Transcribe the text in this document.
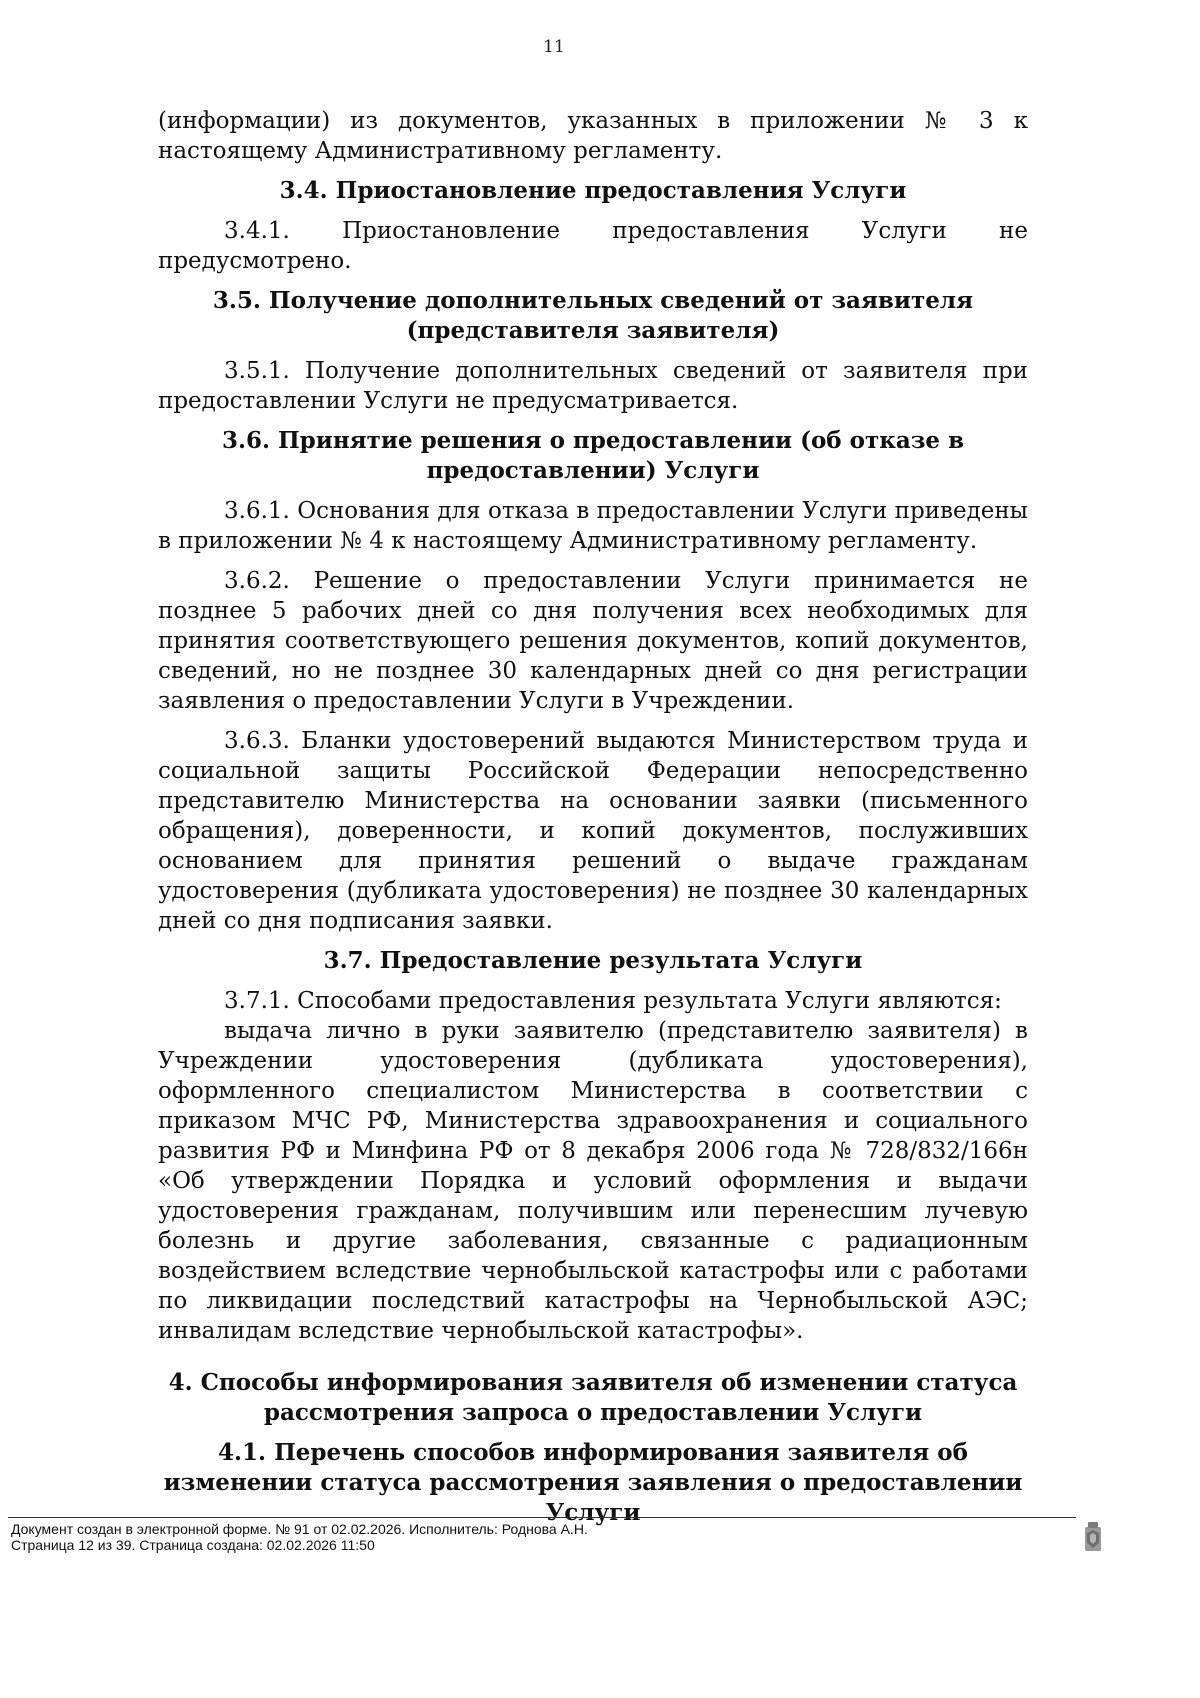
11

(информации) из документов, указанных в приложении № 3 к настоящему Административному регламенту.

3.4. Приостановление предоставления Услуги

3.4.1. Приостановление предоставления Услуги не предусмотрено.

3.5. Получение дополнительных сведений от заявителя (представителя заявителя)

3.5.1. Получение дополнительных сведений от заявителя при предоставлении Услуги не предусматривается.

3.6. Принятие решения о предоставлении (об отказе в предоставлении) Услуги

3.6.1. Основания для отказа в предоставлении Услуги приведены в приложении № 4 к настоящему Административному регламенту.

3.6.2. Решение о предоставлении Услуги принимается не позднее 5 рабочих дней со дня получения всех необходимых для принятия соответствующего решения документов, копий документов, сведений, но не позднее 30 календарных дней со дня регистрации заявления о предоставлении Услуги в Учреждении.

3.6.3. Бланки удостоверений выдаются Министерством труда и социальной защиты Российской Федерации непосредственно представителю Министерства на основании заявки (письменного обращения), доверенности, и копий документов, послуживших основанием для принятия решений о выдаче гражданам удостоверения (дубликата удостоверения) не позднее 30 календарных дней со дня подписания заявки.

3.7. Предоставление результата Услуги

3.7.1. Способами предоставления результата Услуги являются:

выдача лично в руки заявителю (представителю заявителя) в Учреждении удостоверения (дубликата удостоверения), оформленного специалистом Министерства в соответствии с приказом МЧС РФ, Министерства здравоохранения и социального развития РФ и Минфина РФ от 8 декабря 2006 года № 728/832/166н «Об утверждении Порядка и условий оформления и выдачи удостоверения гражданам, получившим или перенесшим лучевую болезнь и другие заболевания, связанные с радиационным воздействием вследствие чернобыльской катастрофы или с работами по ликвидации последствий катастрофы на Чернобыльской АЭС; инвалидам вследствие чернобыльской катастрофы».

4. Способы информирования заявителя об изменении статуса рассмотрения запроса о предоставлении Услуги
4.1. Перечень способов информирования заявителя об изменении статуса рассмотрения заявления о предоставлении Услуги
Документ создан в электронной форме. № 91 от 02.02.2026. Исполнитель: Роднова А.Н.
Страница 12 из 39. Страница создана: 02.02.2026 11:50
